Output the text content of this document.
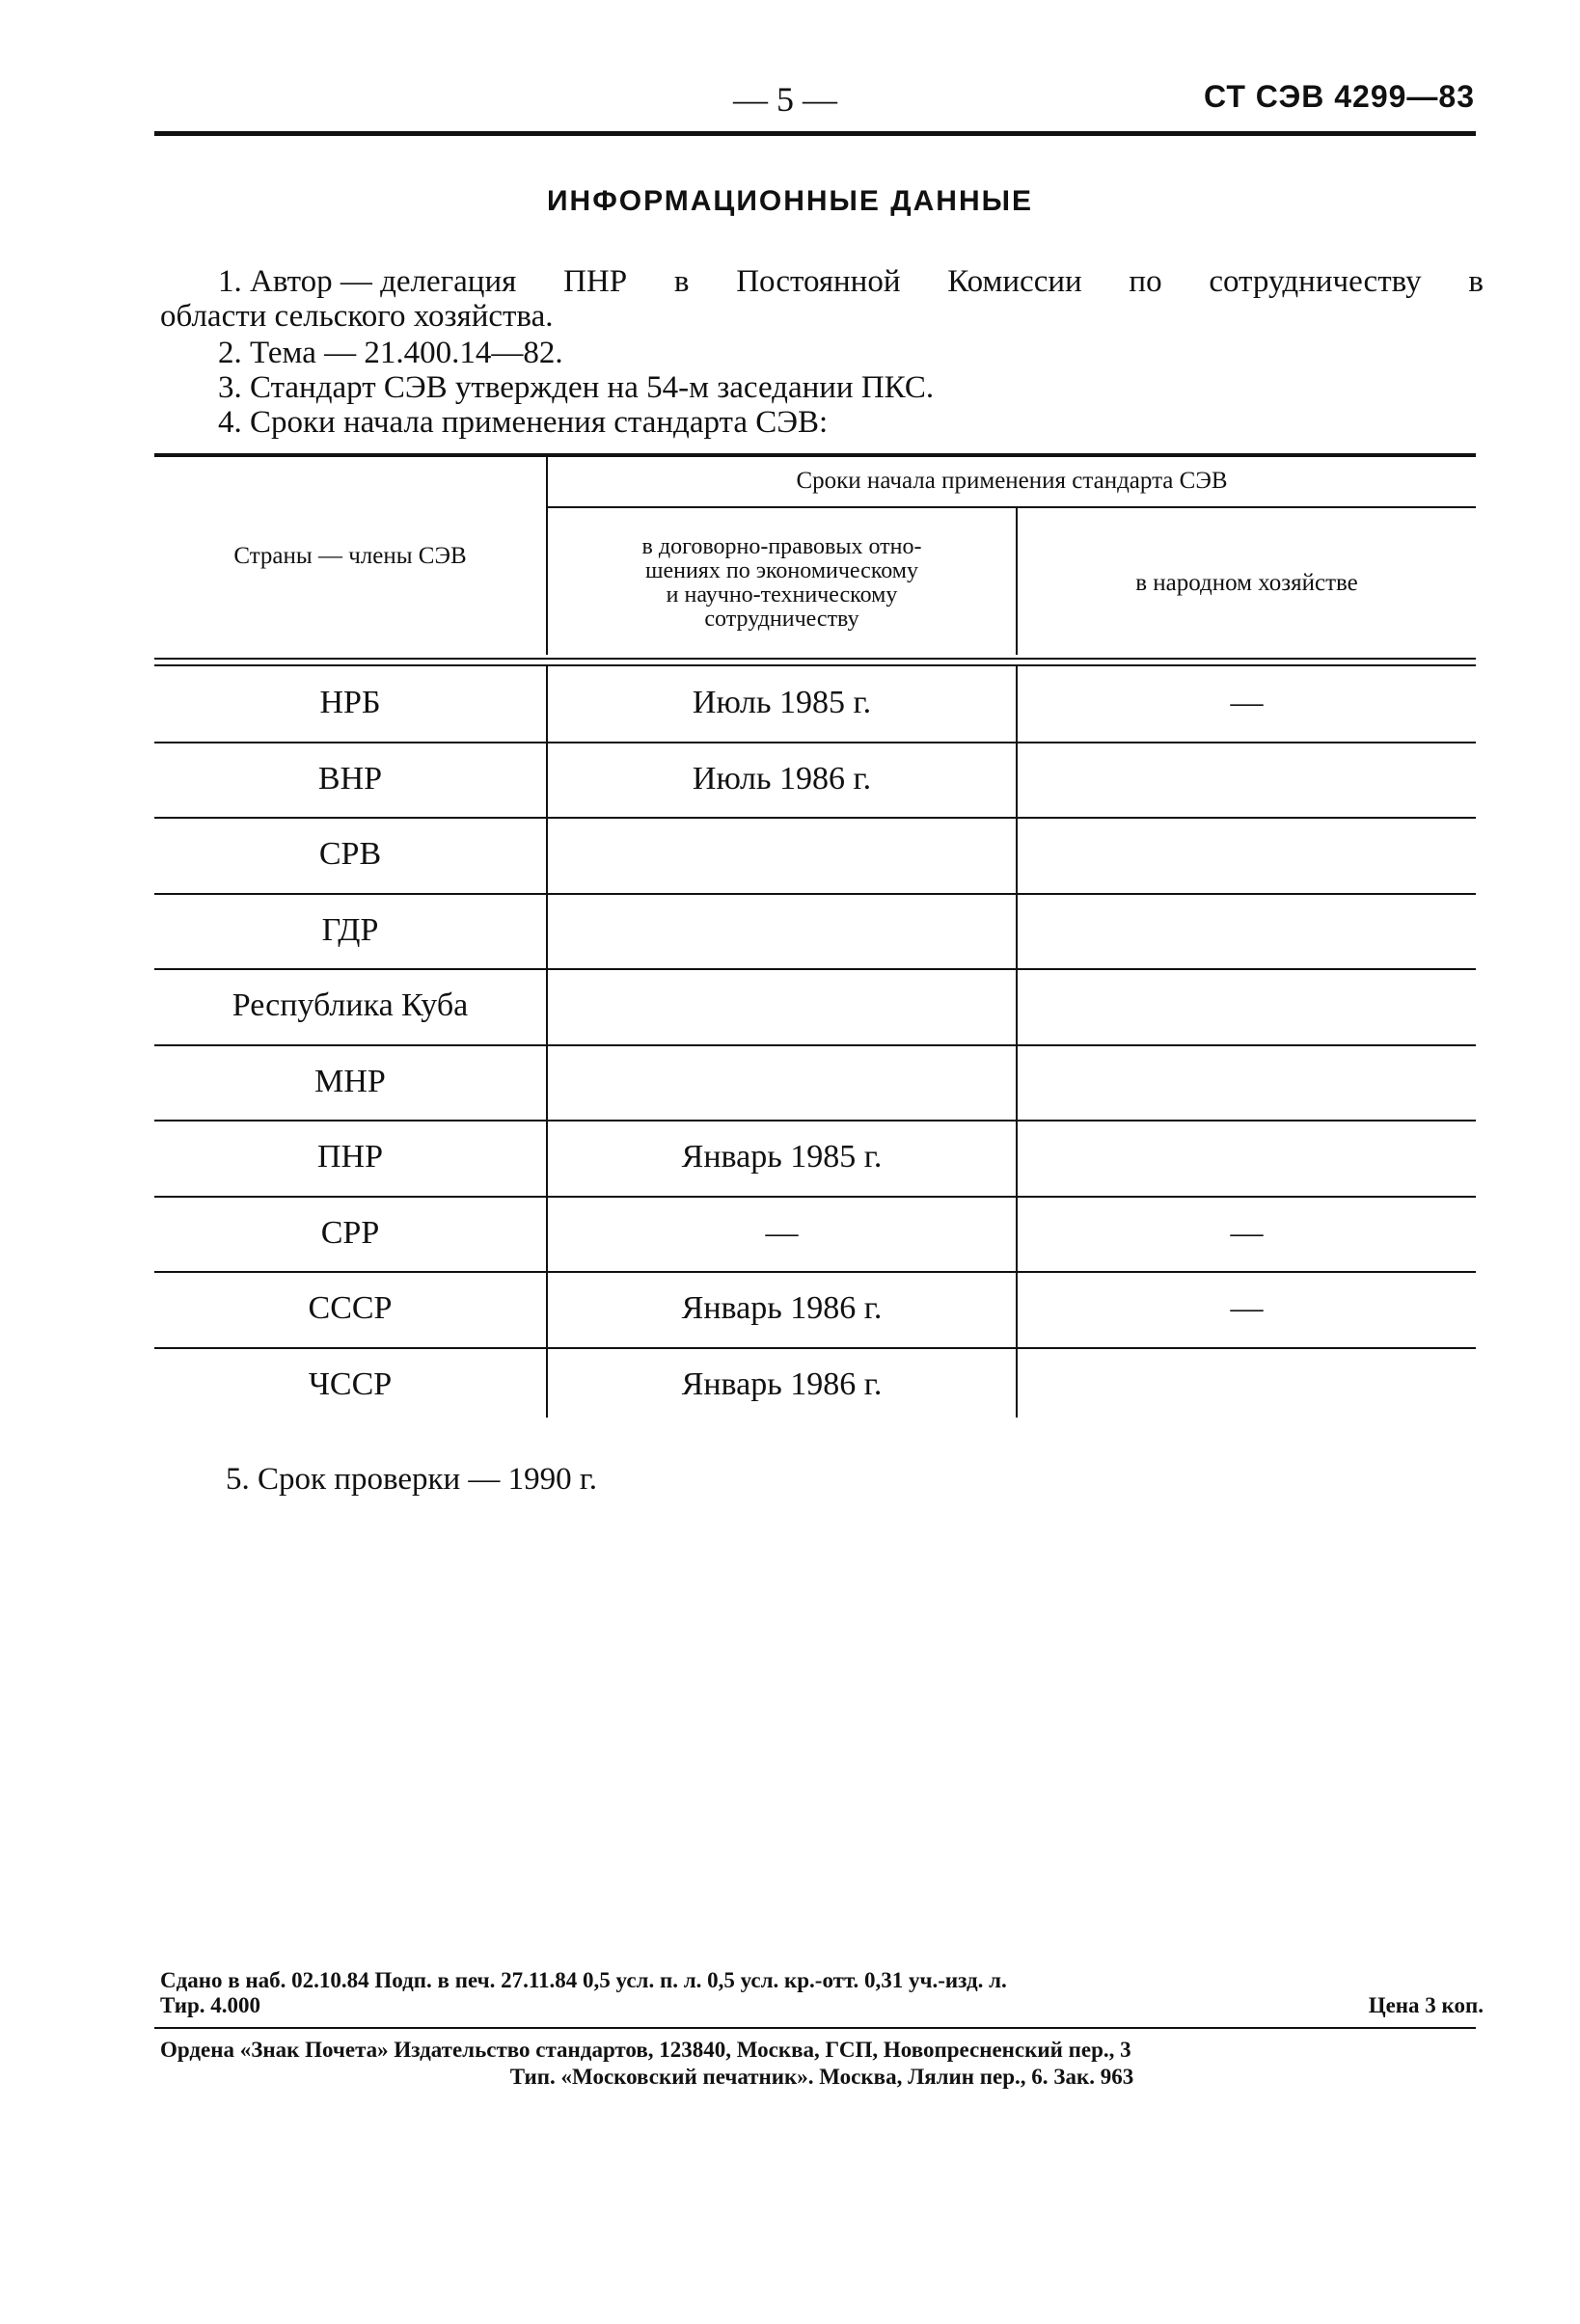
— 5 —	СТ СЭВ 4299—83
ИНФОРМАЦИОННЫЕ ДАННЫЕ
1. Автор — делегация ПНР в Постоянной Комиссии по сотрудничеству в
области сельского хозяйства.
2. Тема — 21.400.14—82.
3. Стандарт СЭВ утвержден на 54-м заседании ПКС.
4. Сроки начала применения стандарта СЭВ:
Страны — члены СЭВ
Сроки начала применения стандарта СЭВ
в договорно-правовых отно-
шениях по экономическому
и научно-техническому
сотрудничеству
в народном хозяйстве
НРБ	Июль 1985 г.	—
ВНР	Июль 1986 г.
СРВ
ГДР
Республика Куба
МНР
ПНР	Январь 1985 г.
СРР	—	—
СССР	Январь 1986 г.	—
ЧССР	Январь 1986 г.
5. Срок проверки — 1990 г.
Сдано в наб. 02.10.84 Подп. в печ. 27.11.84 0,5 усл. п. л. 0,5 усл. кр.-отт. 0,31 уч.-изд. л.
Тир. 4.000	Цена 3 коп.
Ордена «Знак Почета» Издательство стандартов, 123840, Москва, ГСП, Новопресненский пер., 3
Тип. «Московский печатник». Москва, Лялин пер., 6. Зак. 963
